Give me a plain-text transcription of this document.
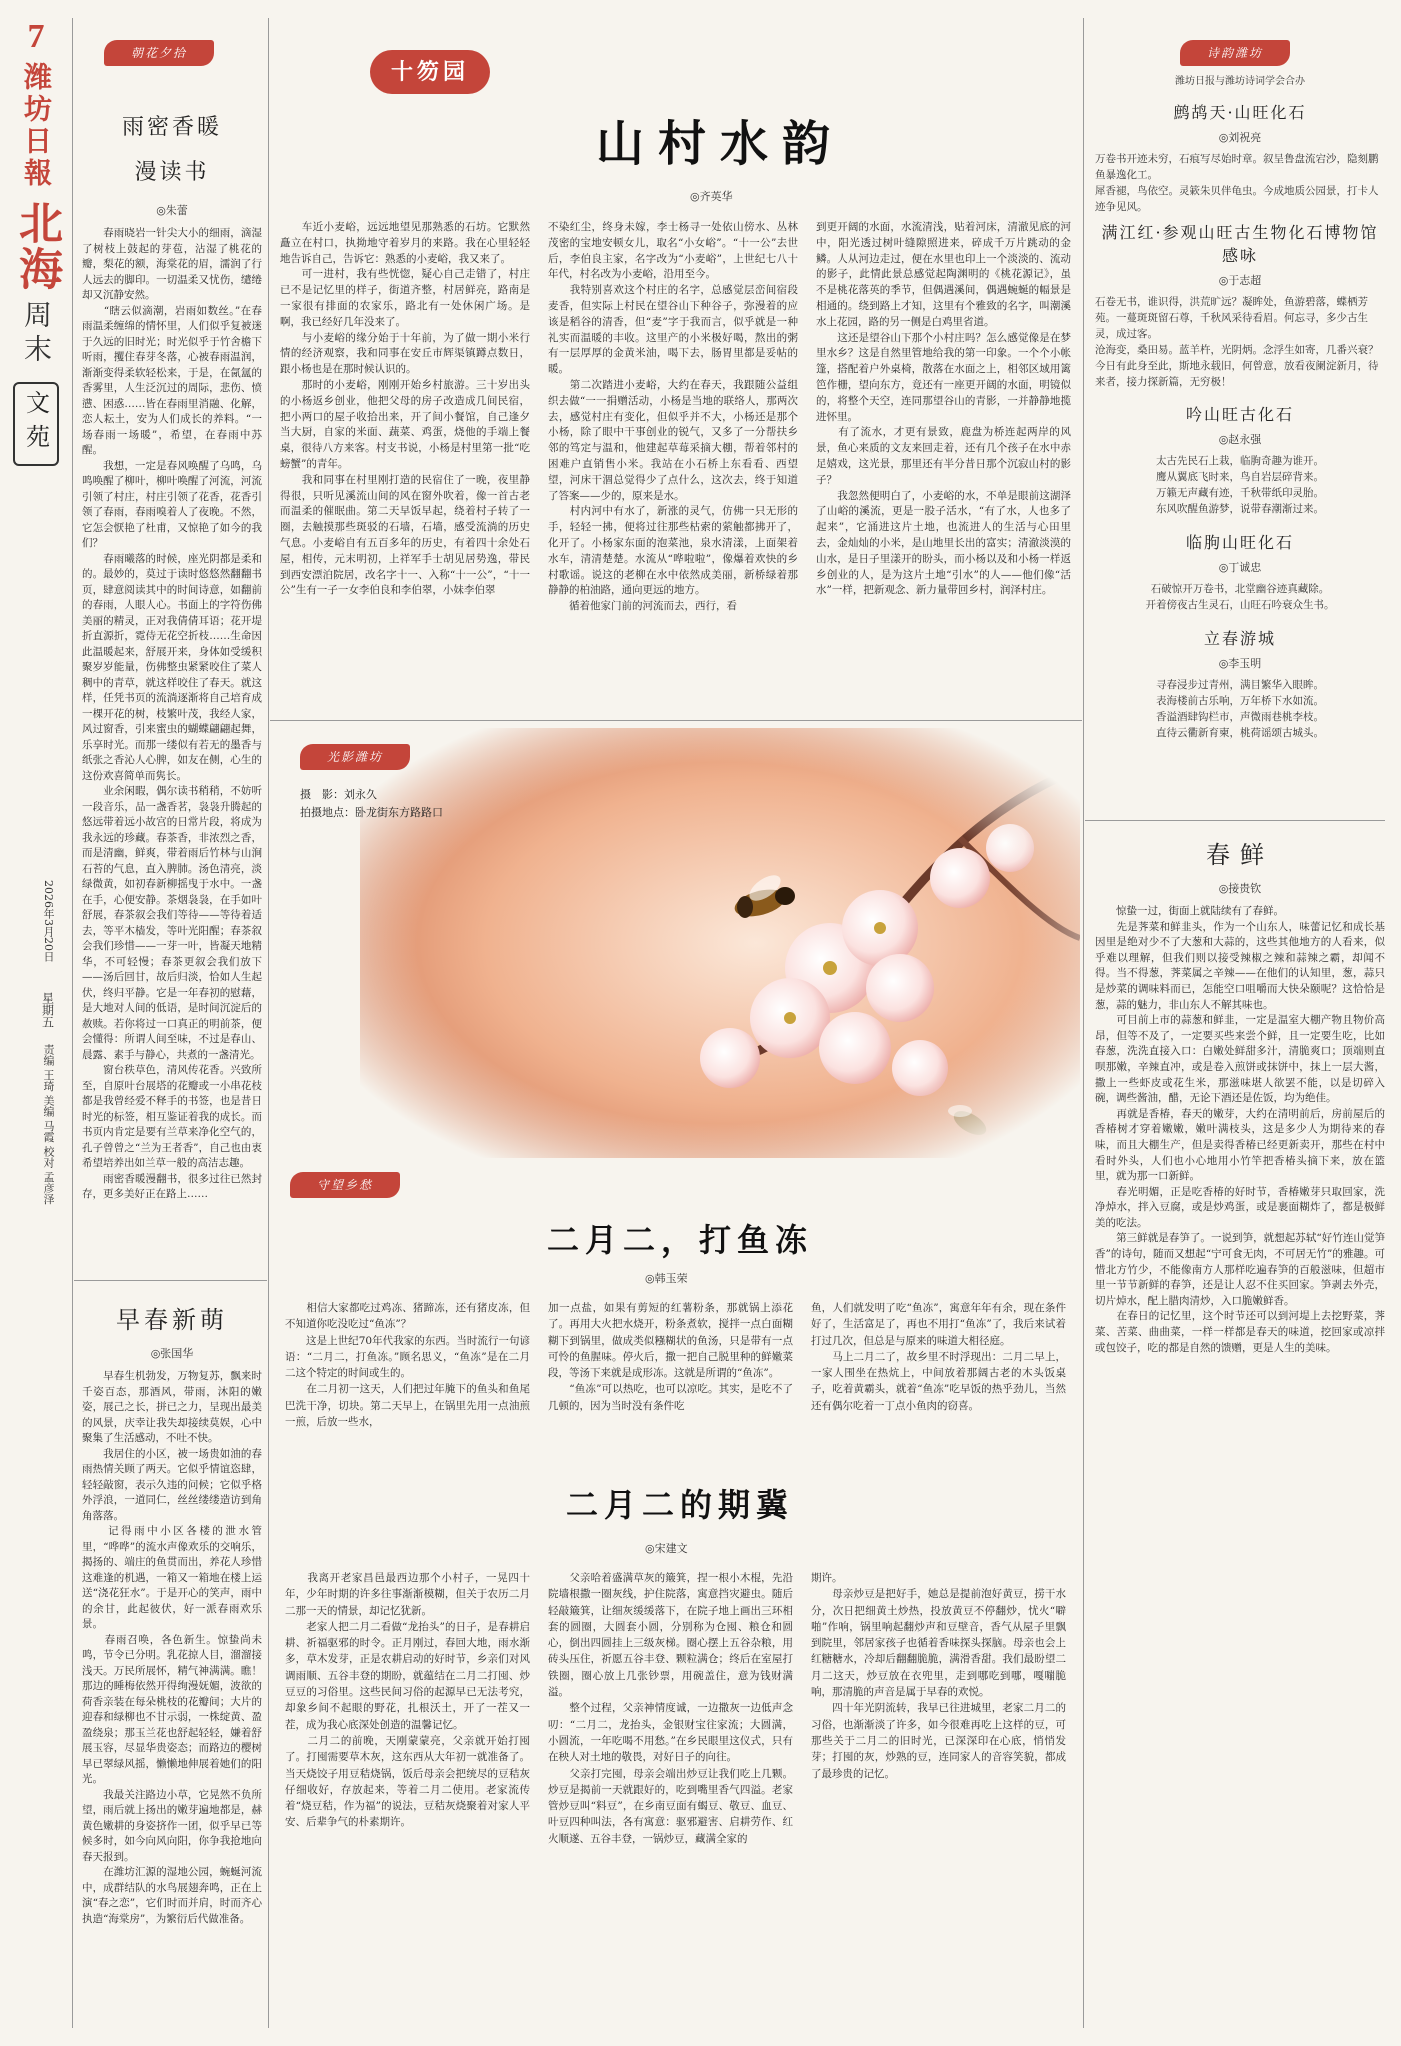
7
潍坊日報
北海
周末
文苑
2026年3月20日
星期五
责编 王琦 美编 马霞 校对 孟彦泽
朝花夕拾
雨密香暖
漫读书
◎朱蕾
　　春雨晓岩一针尖大小的细雨，滴湿了树枝上鼓起的芽苞，沾湿了桃花的瓣，梨花的额，海棠花的眉，濡润了行人远去的脚印。一切温柔又忧伤，缱绻却又沉静安然。
　　“瞎云似滴潮，岩雨如数丝。”在春雨温柔缠绵的情怀里，人们似乎复被迷于久远的旧时光；时光似乎于竹舍檐下听雨，攫住春芽冬落，心被春雨温润，渐渐变得柔软轻松来，于是，在氤氲的香雾里，人生泛沉过的周际，悲伤、愤懑、困惑……皆在春雨里消融、化解，恋人耘土，安为人们成长的养料。“一场春雨一场暖”，希望，在春雨中苏醒。
　　我想，一定是春风唤醒了乌鸣，乌鸣唤醒了柳叶，柳叶唤醒了河流，河流引领了村庄，村庄引领了花香，花香引领了春雨，春雨嗅着人了夜晚。不然，它怎会恹艳了杜甫，又惊艳了如今的我们？
　　春雨曦落的时候，座光阴都是柔和的。最妙的，莫过于读时悠悠然翻翻书页，肆意阅读其中的时间诗意，如翻前的春雨，人眼人心。书面上的字符伤佛美丽的精灵，正对我倩倩耳语；花开堤折直源折，霓侍无花空折枝……生命因此温暖起来，舒展开来，身体如受缓积聚岁岁能量，伤佛整虫紧紧咬住了菜人稠中的青草，就这样咬住了春天。就这样，任凭书页的流淌逐渐将自己培育成一棵开花的树，枝繁叶茂，我经人家，风过窗香，引来蜜虫的蝴蝶翩翩起舞，乐享时光。而那一缕似有若无的墨香与纸张之香沁人心脾，如友在侧，心生的这份欢喜简单而隽长。
　　业余闲暇，偶尔读书稍稍，不妨听一段音乐，品一盏香茗，袅袅升腾起的悠远带着远小故宫的日常片段，将成为我永远的珍藏。春茶香，非浓烈之香，而是清幽，鲜爽，带着雨后竹林与山涧石苔的气息，直入脾肺。汤色清亮，淡绿微黄，如初春新柳摇曳于水中。一盏在手，心便安静。茶烟袅袅，在手如叶舒展，春茶叙会我们等待——等待着适去，等平木樯发，等叶光阳醒；春茶叙会我们珍惜——一芽一叶，皆凝天地精华，不可轻慢；春茶更叙会我们放下——汤后回甘，故后归淡，恰如人生起伏，终归平静。它是一年春初的慰藉，是大地对人间的低语，是时间沉淀后的赦赎。若你将过一口真正的明前茶，便会懂得：所谓人间至味，不过是春山、晨露、素手与静心，共煮的一盏清光。
　　窗台秩草色，清风传花香。兴致所至，自原叶台展塔的花瓣或一小串花枝都是我曾经爱不释手的书签，也是昔日时光的标签，相互鉴证着我的成长。而书页内肯定是要有兰草来净化空气的，孔子曾曾之“兰为王者香”，自己也由衷希望培养出如兰草一般的高洁志趣。
　　雨密香暖漫翻书，很多过往已然封存，更多美好正在路上……
早春新萌
◎张国华
　　早春生机勃发，万物复苏，飘来时千姿百态，那酒风，带雨，沐阳的嫩姿，展己之长，拼已之力，呈现出最美的风景，庆幸让我失却接续莫娱，心中聚集了生活感动，不吐不快。
　　我居住的小区，被一场贵如油的春雨热情关顾了两天。它似乎情谊恣肆，轻轻敲窗，表示久违的问候；它似乎格外浮浪，一道同仁，丝丝缕缕造访到角角落落。
　　记得雨中小区各楼的泄水管里，“哗哗”的流水声像欢乐的交响乐，揭扬的、端庄的鱼贯而出，养花人珍惜这难逢的机遇，一箱又一箱地在楼上运送“浇花狂水”。于是开心的笑声，雨中的余甘，此起彼伏，好一派春雨欢乐景。
　　春雨召唤，各色新生。惊蛰尚未鸣，节令已分明。乳花掠人目，溜溜接浅天。万民所展怀，精气神满满。瞧！那边的睡梅依然开得绚漫妩媚，波欲的荷香亲装在每朵桃枝的花瓣间；大片的迎春和绿柳也不甘示弱，一株绽黄、盈盈绕泉；那玉兰花也舒起轻轻，嫌着舒展玉容，尽显华贵姿态；而路边的樱树早已翠绿风摇，懒懒地伸展着她们的阳光。
　　我最关注路边小草，它晃然不负所望，雨后就上扬出的嫩芽遍地都是，赫黄色嫩耕的身姿挤作一团，似乎早已等候多时，如今向风向阳，你争我抢地向春天报到。
　　在潍坊汇源的湿地公园，蜿蜒河流中，成群结队的水鸟展翅奔鸣，正在上演“春之恋”，它们时而并肩，时而齐心执造“海棠房”，为繁衍后代做准备。
十笏园
山村水韵
◎齐英华
　　车近小麦峪，远远地望见那熟悉的石坊。它默然矗立在村口，执拗地守着岁月的来路。我在心里轻轻地告诉自己，告诉它：熟悉的小麦峪，我又来了。
　　可一进村，我有些恍惚，疑心自己走错了，村庄已不是记忆里的样子，街道齐整，村居鲜亮，路南是一家很有排面的农家乐，路北有一处休闲广场。是啊，我已经好几年没来了。
　　与小麦峪的缘分始于十年前，为了做一期小米行情的经济观察，我和同事在安丘市辉渠镇蹲点数日，跟小杨也是在那时候认识的。
　　那时的小麦峪，刚刚开始乡村旅游。三十岁出头的小杨返乡创业，他把父母的房子改造成几间民宿，把小两口的屋子收拾出来，开了间小餐馆，自己逢夕当大厨，自家的米面、蔬菜、鸡蛋，烧他的手端上餐桌，很待八方来客。村支书说，小杨是村里第一批“吃螃蟹”的青年。
　　我和同事在村里刚打造的民宿住了一晚，夜里静得很，只听见溪流山间的风在窗外吹着，像一首古老而温柔的催眠曲。第二天早饭早起，绕着村子转了一圈，去触摸那些斑驳的石墙，石墙，感受流淌的历史气息。小麦峪自有五百多年的历史，有着四十余处石屋，相传，元末明初，上祥军手士胡见居势逸，带民到西安漂泊院居，改名字十一、入称“十一公”，“十一公”生有一子一女李伯良和李伯翠，小妹李伯翠
不染红尘，终身未嫁，李士杨寻一处依山傍水、丛林茂密的宝地安顿女儿，取名“小女峪”。“十一公”去世后，李伯良主家，名字改为“小麦峪”，上世纪七八十年代，村名改为小麦峪，沿用至今。
　　我特别喜欢这个村庄的名字，总感觉层峦间宿段麦香，但实际上村民在望谷山下种谷子，弥漫着的应该是稻谷的清香，但“麦”字于我而言，似乎就是一种礼实而温暖的丰收。这里产的小米极好喝，熬出的粥有一层厚厚的金黄米油，喝下去，肠胃里都是妥帖的暖。
　　第二次踏进小麦峪，大约在春天，我跟随公益组织去做“一一捐赠活动，小杨是当地的联络人，那两次去，感觉村庄有变化，但似乎并不大，小杨还是那个小杨，除了眼中干事创业的锐气，又多了一分帮扶乡邻的笃定与温和，他建起草莓采摘大棚，帮着邻村的困难户直销售小米。我站在小石桥上东看看、西望望，河床干涸总觉得少了点什么，这次去，终于知道了答案——少的，原来是水。
　　村内河中有水了，新涨的灵气，仿佛一只无形的手，轻轻一拂，便将过往那些枯索的萦触都拂开了，化开了。小杨家东面的泡菜池，泉水清漾，上面架着水车，清清楚楚。水流从“哗啦啦”，像爆着欢快的乡村歌谣。说这的老柳在水中依然成美丽，新桥绿着那静静的柏油路，通向更远的地方。
　　循着他家门前的河流而去，西行，看
到更开阔的水面，水流清浅，贴着河床，清澈见底的河中，阳光透过树叶缝隙照进来，碎成千万片跳动的金鳞。人从河边走过，便在水里也印上一个淡淡的、流动的影子，此情此景总感觉起陶渊明的《桃花源记》，虽不是桃花落英的季节，但偶遇溪间，偶遇蜿蜒的幅景是相通的。绕到路上才知，这里有个雅致的名字，叫潮溪水上花园，路的另一侧是白鸡里省道。
　　这还是望谷山下那个小村庄吗？怎么感觉像是在梦里水乡？这是自然里管地给我的第一印象。一个个小帐篷，搭配着户外桌椅，散落在水面之上，相邻区域用篱笆作栅，望向东方，竟还有一座更开阔的水面，明镜似的，将整个天空，连同那望谷山的青影，一并静静地揽进怀里。
　　有了流水，才更有景致，鹿盘为桥连起两岸的风景，鱼心来质的文友来回走着，还有几个孩子在水中赤足嬉戏，这光景，那里还有半分昔日那个沉寂山村的影子？
　　我忽然便明白了，小麦峪的水，不单是眼前这湖泽了山峪的溪流，更是一股子活水，“有了水，人也多了起来”，它涌进这片土地，也流进人的生活与心田里去，金灿灿的小米，是山地里长出的富实；清澈淡漠的山水，是日子里漾开的盼头，而小杨以及和小杨一样返乡创业的人，是为这片土地“引水”的人——他们像“活水”一样，把新观念、新力量带回乡村，润泽村庄。
光影潍坊
摄　影：刘永久
拍摄地点：卧龙街东方路路口
守望乡愁
二月二，打鱼冻
◎韩玉荣
　　相信大家都吃过鸡冻、猪蹄冻，还有猪皮冻，但不知道你吃没吃过“鱼冻”？
　　这是上世纪70年代我家的东西。当时流行一句谚语：“二月二，打鱼冻。”顾名思义，“鱼冻”是在二月二这个特定的时间或生的。
　　在二月初一这天，人们把过年腌下的鱼头和鱼尾巴洗干净，切块。第二天早上，在锅里先用一点油煎一煎，后放一些水，
加一点盐，如果有剪短的红薯粉条，那就锅上添花了。再用大火把水烧开，粉条煮软，搅拌一点白面糊糊下到锅里，做成类似糨糊状的鱼汤，只是带有一点可怜的鱼腥味。停火后，撒一把自己脱里种的鲜嫩菜段，等汤下来就是成形冻。这就是所谓的“鱼冻”。
　　“鱼冻”可以热吃，也可以凉吃。其实，是吃不了几顿的，因为当时没有条件吃
鱼，人们就发明了吃“鱼冻”，寓意年年有余，现在条件好了，生活富足了，再也不用打“鱼冻”了，我后来试着打过几次，但总是与原来的味道大相径庭。
　　马上二月二了，故乡里不时浮现出：二月二早上，一家人围坐在热炕上，中间放着那阔古老的木头饭桌子，吃着黄霸头，就着“鱼冻”吃早饭的热乎劲儿，当然还有偶尔吃着一丁点小鱼肉的窃喜。
二月二的期冀
◎宋建文
　　我离开老家昌邑最西边那个小村子，一晃四十年，少年时期的许多往事渐渐模糊，但关于农历二月二那一天的情景，却记忆犹新。
　　老家人把二月二看做“龙抬头”的日子，是春耕启耕、祈福驱邪的时令。正月刚过，春回大地，雨水渐多，草木发芽，正是农耕启动的好时节，乡亲们对风调雨顺、五谷丰登的期盼，就蕴结在二月二打囤、炒豆豆的习俗里。这些民间习俗的起源早已无法考究，却象乡间不起眼的野花，扎根沃土，开了一茬又一茬，成为我心底深处创造的温馨记忆。
　　二月二的前晚，天刚蒙蒙亮，父亲就开始打囤了。打囤需要草木灰，这东西从大年初一就准备了。当天烧饺子用豆秸烧锅，饭后母亲会把统尽的豆秸灰仔细收好，存放起来，等着二月二使用。老家流传着“烧豆秸，作为福”的说法，豆秸灰烧聚着对家人平安、后辈争气的朴素期许。
　　父亲哈着盛满草灰的簸箕，捏一根小木棍，先沿院墙根撒一圈灰线，护住院落，寓意挡灾避虫。随后轻敲簸箕，让细灰缓缓落下，在院子地上画出三环相套的圆圈，大圆套小圆，分别称为仓囤、粮仓和圆心，倒出四圆挂上三级灰梯。圈心摆上五谷杂粮，用砖头压住，祈愿五谷丰登、颗粒满仓；终后在室屋打铁圈，圈心放上几张钞票，用碗盖住，意为钱财满溢。
　　整个过程，父亲神情度诚，一边撒灰一边低声念叨：“二月二，龙抬头，金银财宝往家流；大圆满，小圆流，一年吃喝不用愁。”在乡民眼里这仪式，只有在秧人对土地的敬畏，对好日子的向往。
　　父亲打完囤，母亲会端出炒豆让我们吃上几颗。炒豆是揭前一天就跟好的，吃到嘴里香气四溢。老家管炒豆叫“料豆”，在乡南豆面有蝎豆、敬豆、血豆、叶豆四种叫法，各有寓意：驱邪避害、启耕劳作、红火顺遂、五谷丰登，一锅炒豆，藏满全家的
期许。
　　母亲炒豆是把好手，她总是提前泡好黄豆，捞干水分，次日把细黄土炒热，投放黄豆不停翻炒，忧火“噼啪”作响，锅里响起翻炒声和豆壁音，香气从屋子里飘到院里，邻居家孩子也循着香味探头探脑。母亲也会上红糖糖水，冷却后翻翻脆脆，满滑香甜。我们最盼望二月二这天，炒豆放在衣兜里，走到哪吃到哪，嘎嘣脆响，那清脆的声音是属于早春的欢悦。
　　四十年光阴流转，我早已往进城里，老家二月二的习俗，也渐渐淡了许多，如今很难再吃上这样的豆，可那些关于二月二的旧时光，已深深印在心底，悄悄发芽；打囤的灰，炒熟的豆，连同家人的音容笑貌，都成了最珍贵的记忆。
诗韵潍坊
潍坊日报与潍坊诗词学会合办
鹧鸪天·山旺化石
◎刘祝亮
万卷书开迹未穷，石痕写尽始时章。叙呈鲁盘流宕沙，隐刻鹏鱼暴逸化工。
犀香褪，鸟依空。灵簌朱贝伴龟虫。今成地质公园景，打卡人迹争见风。
满江红·参观山旺古生物化石博物馆感咏
◎于志超
石卷无书，谁识得，洪荒旷远？凝眸处，鱼游碧落，蝶栖芳苑。一蔓斑斑留石尊，千秋风采待看眉。何忘寻，多少古生灵，成过客。
沧海变，桑田易。蓝羊杵，光阴炳。念浮生如寄，几番兴衰？今日有此身至此，斯地永载旧，何曾意，放看夜阑淀新月，待来者，接力探新篇，无穷极！
吟山旺古化石
◎赵永强
太古先民石上栽，临朐奇趣为谁开。
鹰从翼底飞时来，鸟自岩层碎背来。
万籁无声藏有迹，千秋带纸印灵胎。
东风吹醒鱼游梦，说带春潮渐过来。
临朐山旺化石
◎丁诚忠
石破惊开万卷书，北堂幽谷迹真藏除。
开着傍夜古生灵石，山旺石吟衰众生书。
立春游城
◎李玉明
寻春浸步过青州，满目繁华入眼眸。
表海楼前古乐响，万年桥下水如流。
香溢酒肆钩栏市，声微雨巷桃李枝。
直待云衢新育柬，桃荷谣颂古城头。
春鲜
◎接贵钦
　　惊蛰一过，街面上就陆续有了春鲜。
　　先是荠菜和鲜韭头，作为一个山东人，味蕾记忆和成长基因里是绝对少不了大葱和大蒜的，这些其他地方的人看来，似乎难以理解，但我们则以接受辣椒之辣和蒜辣之霸，却闻不得。当不得葱，荠菜属之辛辣——在他们的认知里，葱，蒜只是炒菜的调味料而已，怎能空口咀嚼而大快朵颐呢？这恰恰是葱，蒜的魅力，非山东人不解其味也。
　　可目前上市的蒜葱和鲜韭，一定是温室大棚产物且物价高昂，但等不及了，一定要买些来尝个鲜，且一定要生吃，比如春葱，洗洗直接入口：白嫩处鲜甜多汁，清脆爽口；顶端则直呗那嫩，辛辣直冲，或是卷入煎饼或抹饼中，抹上一层大酱，撒上一些虾皮或花生米，那滋味堪人欲罢不能，以是切碎入碗，调些酱油，醋，无论下酒还是佐饭，均为绝佳。
　　再就是香椿，春天的嫩芽，大约在清明前后，房前屋后的香椿树才穿着嫩嫩，嫩叶满枝头，这是多少人为期待来的春味，而且大棚生产，但是卖得香椿已经更新卖开，那些在村中看时外头，人们也小心地用小竹竿把香椿头摘下来，放在篮里，就为那一口新鲜。
　　春光明媚，正是吃香椿的好时节，香椿嫩芽只取回家，洗净焯水，拌入豆腐，或是炒鸡蛋，或是裹面糊炸了，都是极鲜美的吃法。
　　第三鲜就是春笋了。一说到笋，就想起苏轼“好竹连山觉笋香”的诗句，随而又想起“宁可食无肉，不可居无竹”的雅趣。可惜北方竹少，不能像南方人那样吃遍春笋的百般滋味，但超市里一节节新鲜的春笋，还是让人忍不住买回家。笋剥去外壳，切片焯水，配上腊肉清炒，入口脆嫩鲜香。
　　在春日的记忆里，这个时节还可以到河堤上去挖野菜，荠菜、苦菜、曲曲菜，一样一样都是春天的味道，挖回家或凉拌或包饺子，吃的都是自然的馈赠，更是人生的美味。
